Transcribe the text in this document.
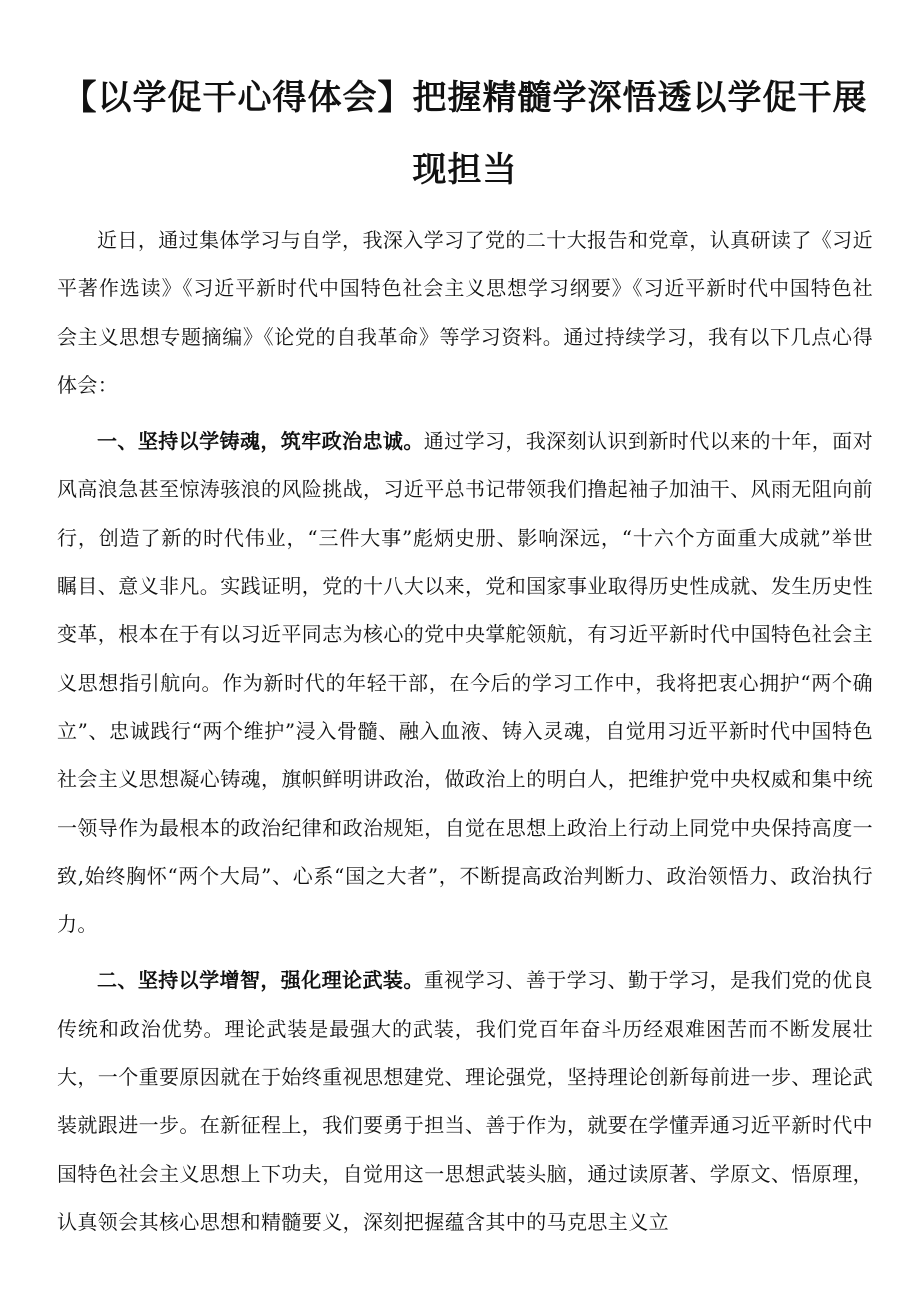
【以学促干心得体会】把握精髓学深悟透以学促干展现担当

近日，通过集体学习与自学，我深入学习了党的二十大报告和党章，认真研读了《习近平著作选读》《习近平新时代中国特色社会主义思想学习纲要》《习近平新时代中国特色社会主义思想专题摘编》《论党的自我革命》等学习资料。通过持续学习，我有以下几点心得体会：

一、坚持以学铸魂，筑牢政治忠诚。通过学习，我深刻认识到新时代以来的十年，面对风高浪急甚至惊涛骇浪的风险挑战，习近平总书记带领我们撸起袖子加油干、风雨无阻向前行，创造了新的时代伟业，“三件大事”彪炳史册、影响深远，“十六个方面重大成就”举世瞩目、意义非凡。实践证明，党的十八大以来，党和国家事业取得历史性成就、发生历史性变革，根本在于有以习近平同志为核心的党中央掌舵领航，有习近平新时代中国特色社会主义思想指引航向。作为新时代的年轻干部，在今后的学习工作中，我将把衷心拥护“两个确立”、忠诚践行“两个维护”浸入骨髓、融入血液、铸入灵魂，自觉用习近平新时代中国特色社会主义思想凝心铸魂，旗帜鲜明讲政治，做政治上的明白人，把维护党中央权威和集中统一领导作为最根本的政治纪律和政治规矩，自觉在思想上政治上行动上同党中央保持高度一致,始终胸怀“两个大局”、心系“国之大者”，不断提高政治判断力、政治领悟力、政治执行力。

二、坚持以学增智，强化理论武装。重视学习、善于学习、勤于学习，是我们党的优良传统和政治优势。理论武装是最强大的武装，我们党百年奋斗历经艰难困苦而不断发展壮大，一个重要原因就在于始终重视思想建党、理论强党，坚持理论创新每前进一步、理论武装就跟进一步。在新征程上，我们要勇于担当、善于作为，就要在学懂弄通习近平新时代中国特色社会主义思想上下功夫，自觉用这一思想武装头脑，通过读原著、学原文、悟原理，认真领会其核心思想和精髓要义，深刻把握蕴含其中的马克思主义立
